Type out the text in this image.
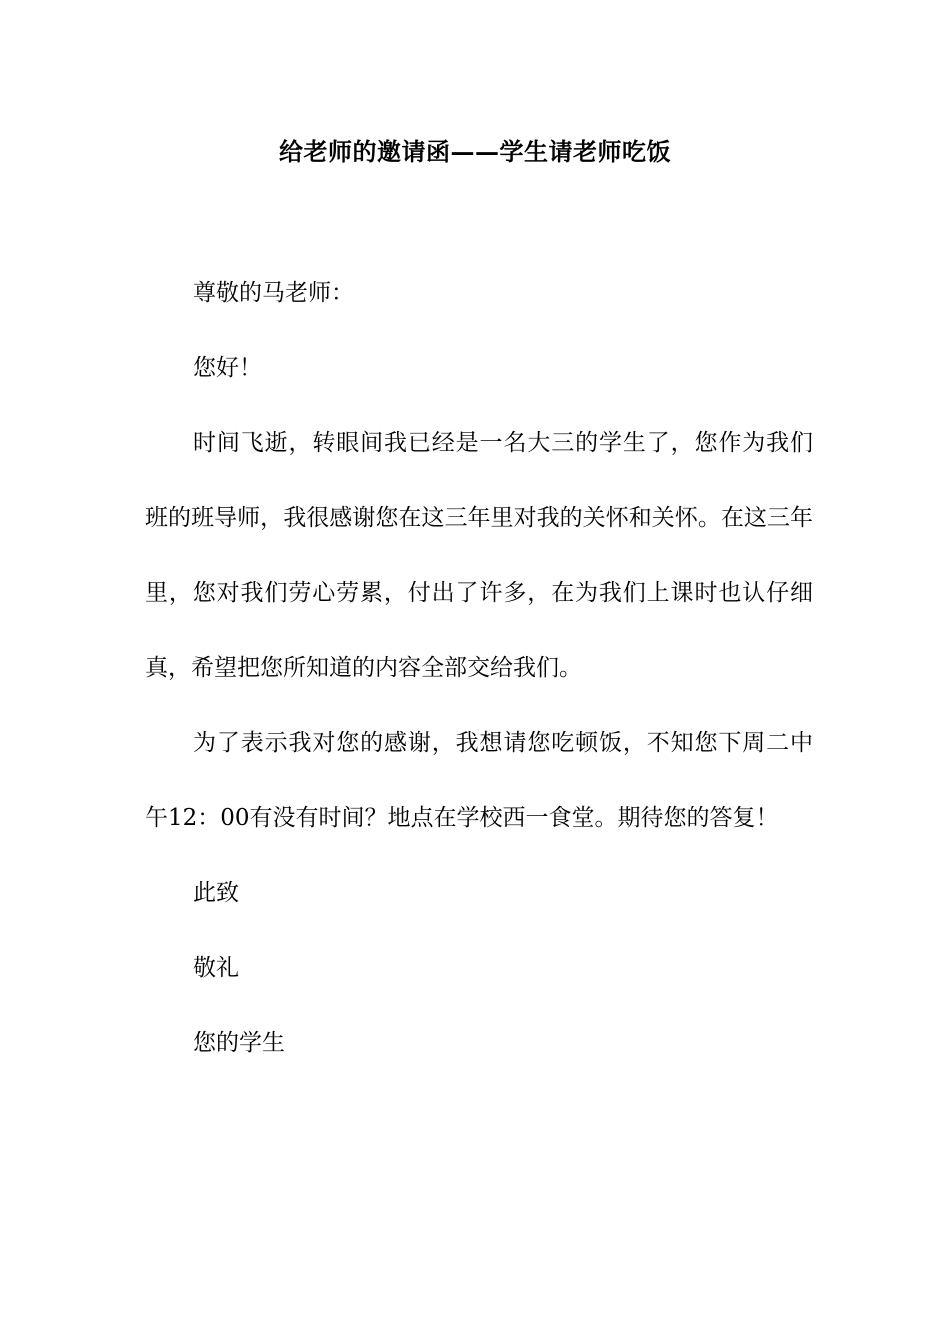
给老师的邀请函——学生请老师吃饭

尊敬的马老师：

您好！

时间飞逝，转眼间我已经是一名大三的学生了，您作为我们班的班导师，我很感谢您在这三年里对我的关怀和关怀。在这三年里，您对我们劳心劳累，付出了许多，在为我们上课时也认仔细真，希望把您所知道的内容全部交给我们。

为了表示我对您的感谢，我想请您吃顿饭，不知您下周二中午12：00有没有时间？地点在学校西一食堂。期待您的答复！

此致

敬礼

您的学生
